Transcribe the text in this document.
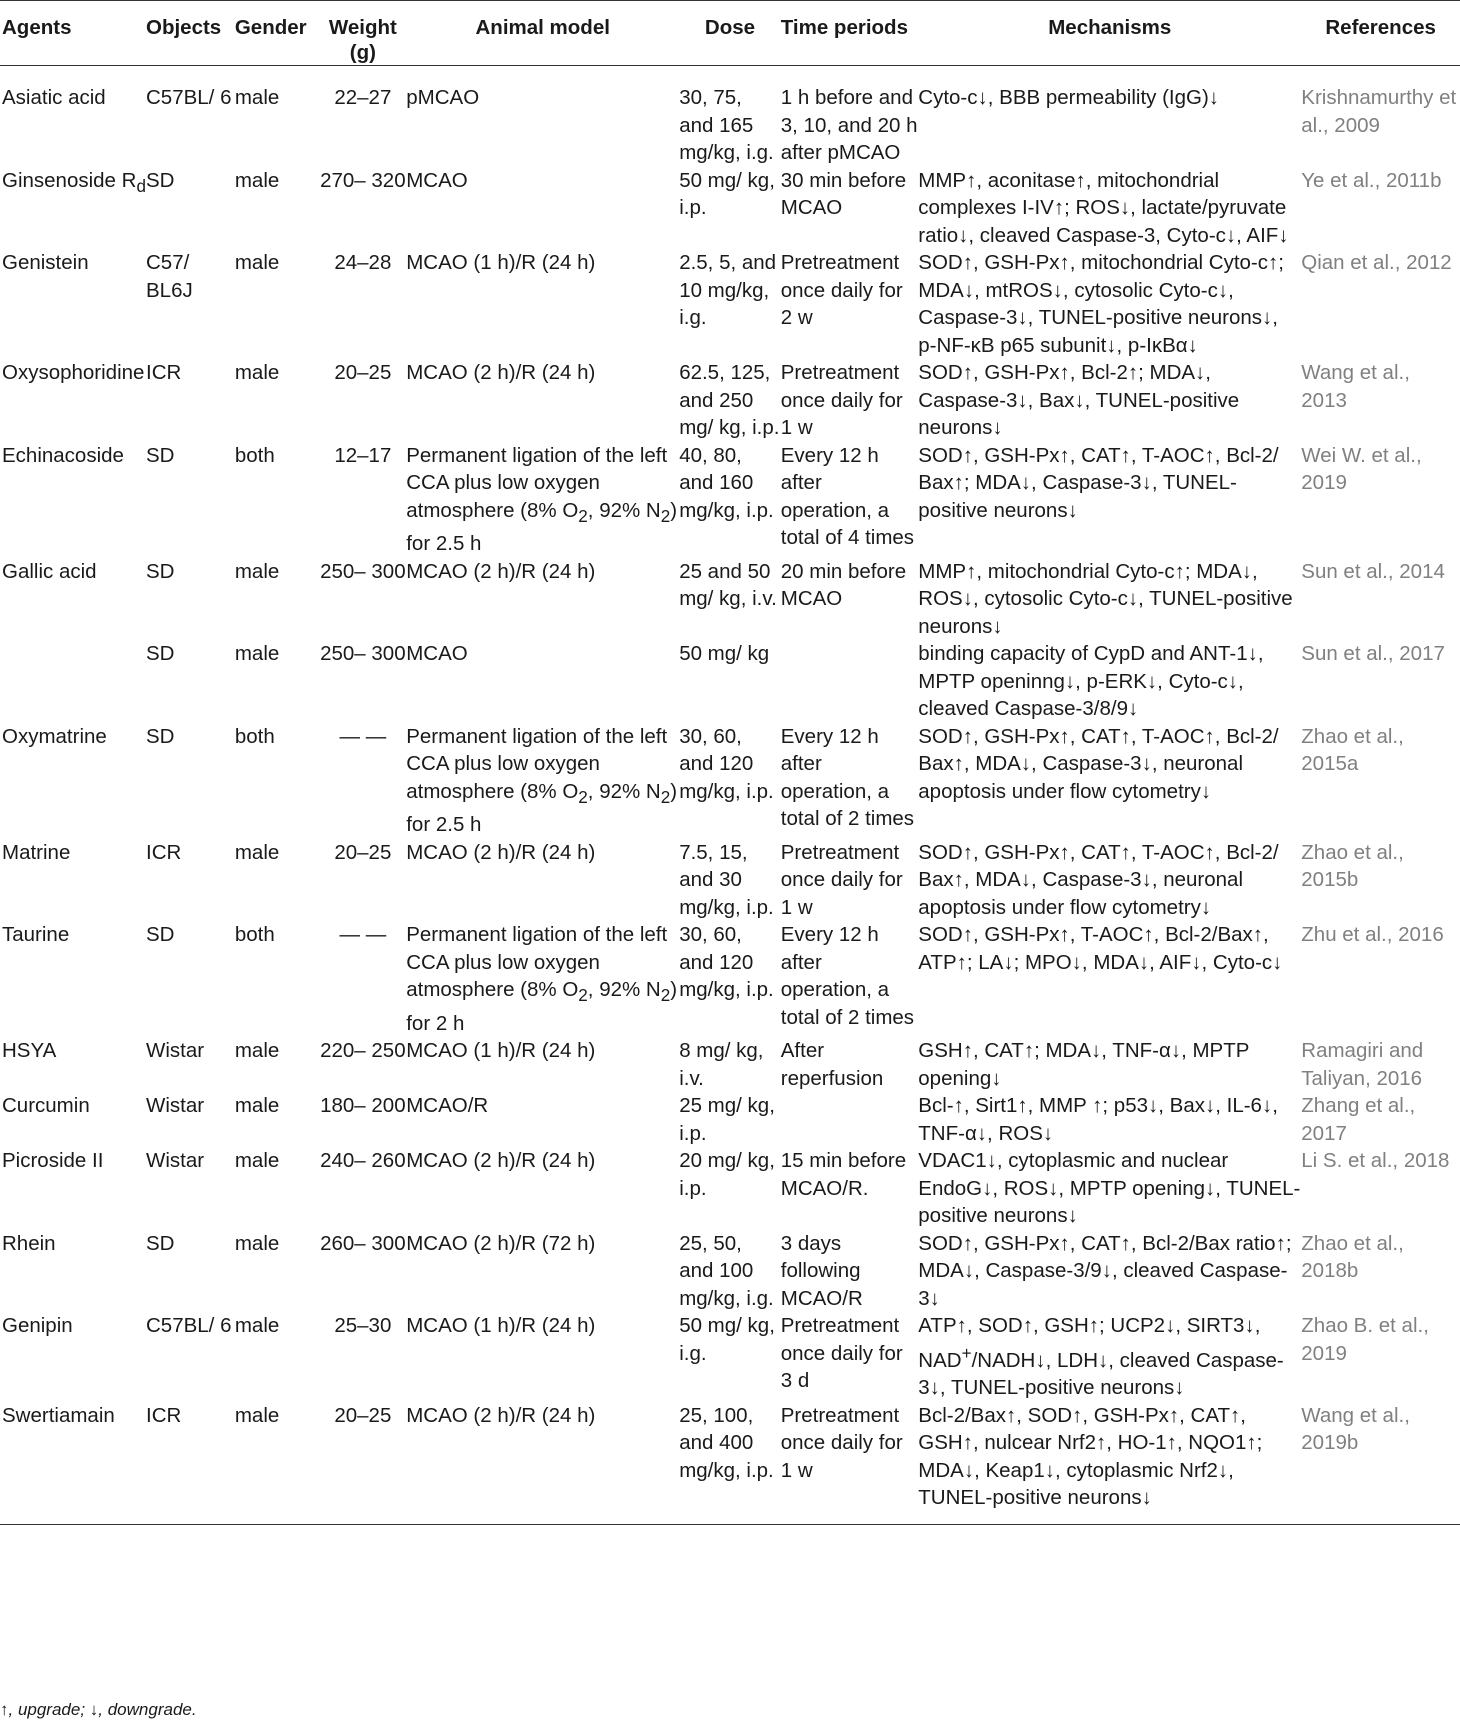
Agents	Objects	Gender	Weight (g)	Animal model	Dose	Time periods	Mechanisms	References
Asiatic acid	C57BL/ 6	male	22–27	pMCAO	30, 75, and 165 mg/kg, i.g.	1 h before and 3, 10, and 20 h after pMCAO	Cyto-c↓, BBB permeability (IgG)↓	Krishnamurthy et al., 2009
Ginsenoside $R_d$	SD	male	270– 320	MCAO	50 mg/ kg, i.p.	30 min before MCAO	MMP↑, aconitase↑, mitochondrial complexes I-IV↑; ROS↓, lactate/pyruvate ratio↓, cleaved Caspase-3, Cyto-c↓, AIF↓	Ye et al., 2011b
Genistein	C57/ BL6J	male	24–28	MCAO (1 h)/R (24 h)	2.5, 5, and 10 mg/kg, i.g.	Pretreatment once daily for 2 w	SOD↑, GSH-Px↑, mitochondrial Cyto-c↑; MDA↓, mtROS↓, cytosolic Cyto-c↓, Caspase-3↓, TUNEL-positive neurons↓, p-NF-κB p65 subunit↓, p-IκBα↓	Qian et al., 2012
Oxysophoridine	ICR	male	20–25	MCAO (2 h)/R (24 h)	62.5, 125, and 250 mg/ kg, i.p.	Pretreatment once daily for 1 w	SOD↑, GSH-Px↑, Bcl-2↑; MDA↓, Caspase-3↓, Bax↓, TUNEL-positive neurons↓	Wang et al., 2013
Echinacoside	SD	both	12–17	Permanent ligation of the left CCA plus low oxygen atmosphere (8% $O_2$, 92% $N_2$) for 2.5 h	40, 80, and 160 mg/kg, i.p.	Every 12 h after operation, a total of 4 times	SOD↑, GSH-Px↑, CAT↑, T-AOC↑, Bcl-2/ Bax↑; MDA↓, Caspase-3↓, TUNEL-positive neurons↓	Wei W. et al., 2019
Gallic acid	SD	male	250– 300	MCAO (2 h)/R (24 h)	25 and 50 mg/ kg, i.v.	20 min before MCAO	MMP↑, mitochondrial Cyto-c↑; MDA↓, ROS↓, cytosolic Cyto-c↓, TUNEL-positive neurons↓	Sun et al., 2014
	SD	male	250– 300	MCAO	50 mg/ kg		binding capacity of CypD and ANT-1↓, MPTP openinng↓, p-ERK↓, Cyto-c↓, cleaved Caspase-3/8/9↓	Sun et al., 2017
Oxymatrine	SD	both	— —	Permanent ligation of the left CCA plus low oxygen atmosphere (8% $O_2$, 92% $N_2$) for 2.5 h	30, 60, and 120 mg/kg, i.p.	Every 12 h after operation, a total of 2 times	SOD↑, GSH-Px↑, CAT↑, T-AOC↑, Bcl-2/ Bax↑, MDA↓, Caspase-3↓, neuronal apoptosis under flow cytometry↓	Zhao et al., 2015a
Matrine	ICR	male	20–25	MCAO (2 h)/R (24 h)	7.5, 15, and 30 mg/kg, i.p.	Pretreatment once daily for 1 w	SOD↑, GSH-Px↑, CAT↑, T-AOC↑, Bcl-2/ Bax↑, MDA↓, Caspase-3↓, neuronal apoptosis under flow cytometry↓	Zhao et al., 2015b
Taurine	SD	both	— —	Permanent ligation of the left CCA plus low oxygen atmosphere (8% $O_2$, 92% $N_2$) for 2 h	30, 60, and 120 mg/kg, i.p.	Every 12 h after operation, a total of 2 times	SOD↑, GSH-Px↑, T-AOC↑, Bcl-2/Bax↑, ATP↑; LA↓; MPO↓, MDA↓, AIF↓, Cyto-c↓	Zhu et al., 2016
HSYA	Wistar	male	220– 250	MCAO (1 h)/R (24 h)	8 mg/ kg, i.v.	After reperfusion	GSH↑, CAT↑; MDA↓, TNF-α↓, MPTP opening↓	Ramagiri and Taliyan, 2016
Curcumin	Wistar	male	180– 200	MCAO/R	25 mg/ kg, i.p.		Bcl-↑, Sirt1↑, MMP ↑; p53↓, Bax↓, IL-6↓, TNF-α↓, ROS↓	Zhang et al., 2017
Picroside II	Wistar	male	240– 260	MCAO (2 h)/R (24 h)	20 mg/ kg, i.p.	15 min before MCAO/R.	VDAC1↓, cytoplasmic and nuclear EndoG↓, ROS↓, MPTP opening↓, TUNEL-positive neurons↓	Li S. et al., 2018
Rhein	SD	male	260– 300	MCAO (2 h)/R (72 h)	25, 50, and 100 mg/kg, i.g.	3 days following MCAO/R	SOD↑, GSH-Px↑, CAT↑, Bcl-2/Bax ratio↑; MDA↓, Caspase-3/9↓, cleaved Caspase-3↓	Zhao et al., 2018b
Genipin	C57BL/ 6	male	25–30	MCAO (1 h)/R (24 h)	50 mg/ kg, i.g.	Pretreatment once daily for 3 d	ATP↑, SOD↑, GSH↑; UCP2↓, SIRT3↓, NAD+/NADH↓, LDH↓, cleaved Caspase-3↓, TUNEL-positive neurons↓	Zhao B. et al., 2019
Swertiamain	ICR	male	20–25	MCAO (2 h)/R (24 h)	25, 100, and 400 mg/kg, i.p.	Pretreatment once daily for 1 w	Bcl-2/Bax↑, SOD↑, GSH-Px↑, CAT↑, GSH↑, nulcear Nrf2↑, HO-1↑, NQO1↑; MDA↓, Keap1↓, cytoplasmic Nrf2↓, TUNEL-positive neurons↓	Wang et al., 2019b
↑, upgrade; ↓, downgrade.
